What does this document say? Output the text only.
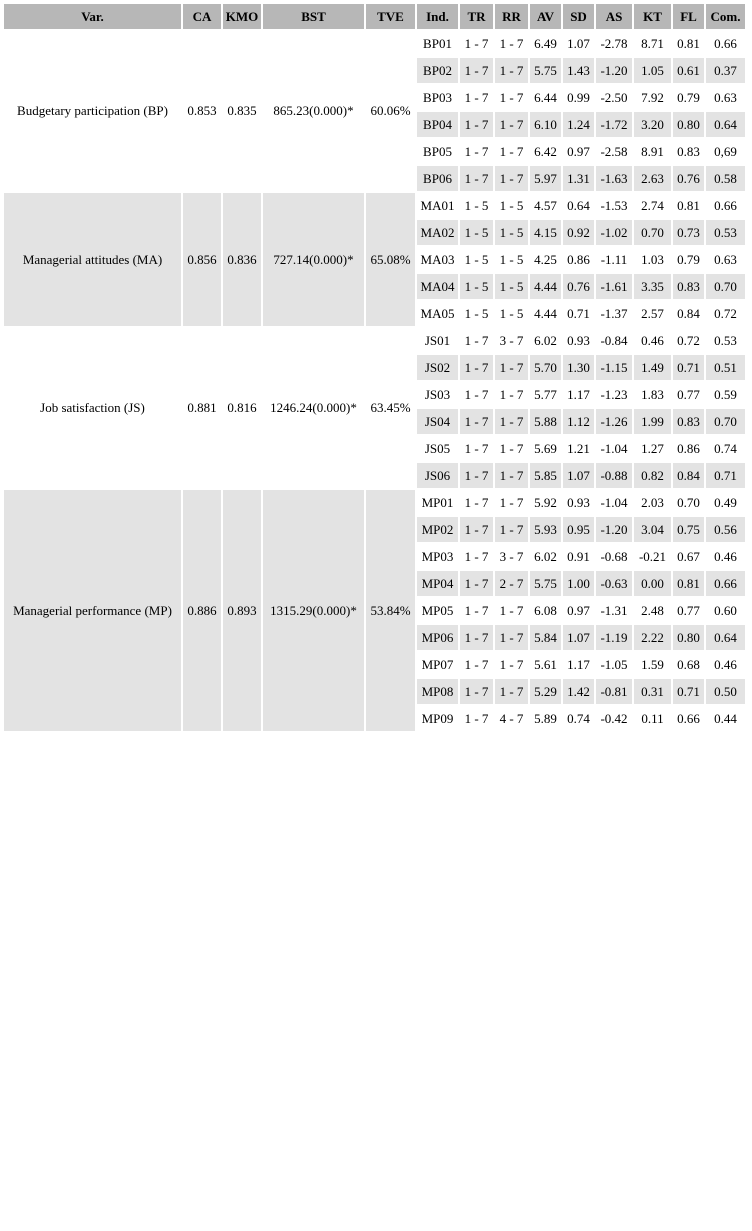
Var.	CA	KMO	BST	TVE	Ind.	TR	RR	AV	SD	AS	KT	FL	Com.
Budgetary participation (BP)	0.853	0.835	865.23(0.000)*	60.06%	BP01	1 - 7	1 - 7	6.49	1.07	-2.78	8.71	0.81	0.66
					BP02	1 - 7	1 - 7	5.75	1.43	-1.20	1.05	0.61	0.37
					BP03	1 - 7	1 - 7	6.44	0.99	-2.50	7.92	0.79	0.63
					BP04	1 - 7	1 - 7	6.10	1.24	-1.72	3.20	0.80	0.64
					BP05	1 - 7	1 - 7	6.42	0.97	-2.58	8.91	0.83	0,69
					BP06	1 - 7	1 - 7	5.97	1.31	-1.63	2.63	0.76	0.58
Managerial attitudes (MA)	0.856	0.836	727.14(0.000)*	65.08%	MA01	1 - 5	1 - 5	4.57	0.64	-1.53	2.74	0.81	0.66
					MA02	1 - 5	1 - 5	4.15	0.92	-1.02	0.70	0.73	0.53
					MA03	1 - 5	1 - 5	4.25	0.86	-1.11	1.03	0.79	0.63
					MA04	1 - 5	1 - 5	4.44	0.76	-1.61	3.35	0.83	0.70
					MA05	1 - 5	1 - 5	4.44	0.71	-1.37	2.57	0.84	0.72
Job satisfaction (JS)	0.881	0.816	1246.24(0.000)*	63.45%	JS01	1 - 7	3 - 7	6.02	0.93	-0.84	0.46	0.72	0.53
					JS02	1 - 7	1 - 7	5.70	1.30	-1.15	1.49	0.71	0.51
					JS03	1 - 7	1 - 7	5.77	1.17	-1.23	1.83	0.77	0.59
					JS04	1 - 7	1 - 7	5.88	1.12	-1.26	1.99	0.83	0.70
					JS05	1 - 7	1 - 7	5.69	1.21	-1.04	1.27	0.86	0.74
					JS06	1 - 7	1 - 7	5.85	1.07	-0.88	0.82	0.84	0.71
Managerial performance (MP)	0.886	0.893	1315.29(0.000)*	53.84%	MP01	1 - 7	1 - 7	5.92	0.93	-1.04	2.03	0.70	0.49
					MP02	1 - 7	1 - 7	5.93	0.95	-1.20	3.04	0.75	0.56
					MP03	1 - 7	3 - 7	6.02	0.91	-0.68	-0.21	0.67	0.46
					MP04	1 - 7	2 - 7	5.75	1.00	-0.63	0.00	0.81	0.66
					MP05	1 - 7	1 - 7	6.08	0.97	-1.31	2.48	0.77	0.60
					MP06	1 - 7	1 - 7	5.84	1.07	-1.19	2.22	0.80	0.64
					MP07	1 - 7	1 - 7	5.61	1.17	-1.05	1.59	0.68	0.46
					MP08	1 - 7	1 - 7	5.29	1.42	-0.81	0.31	0.71	0.50
					MP09	1 - 7	4 - 7	5.89	0.74	-0.42	0.11	0.66	0.44
